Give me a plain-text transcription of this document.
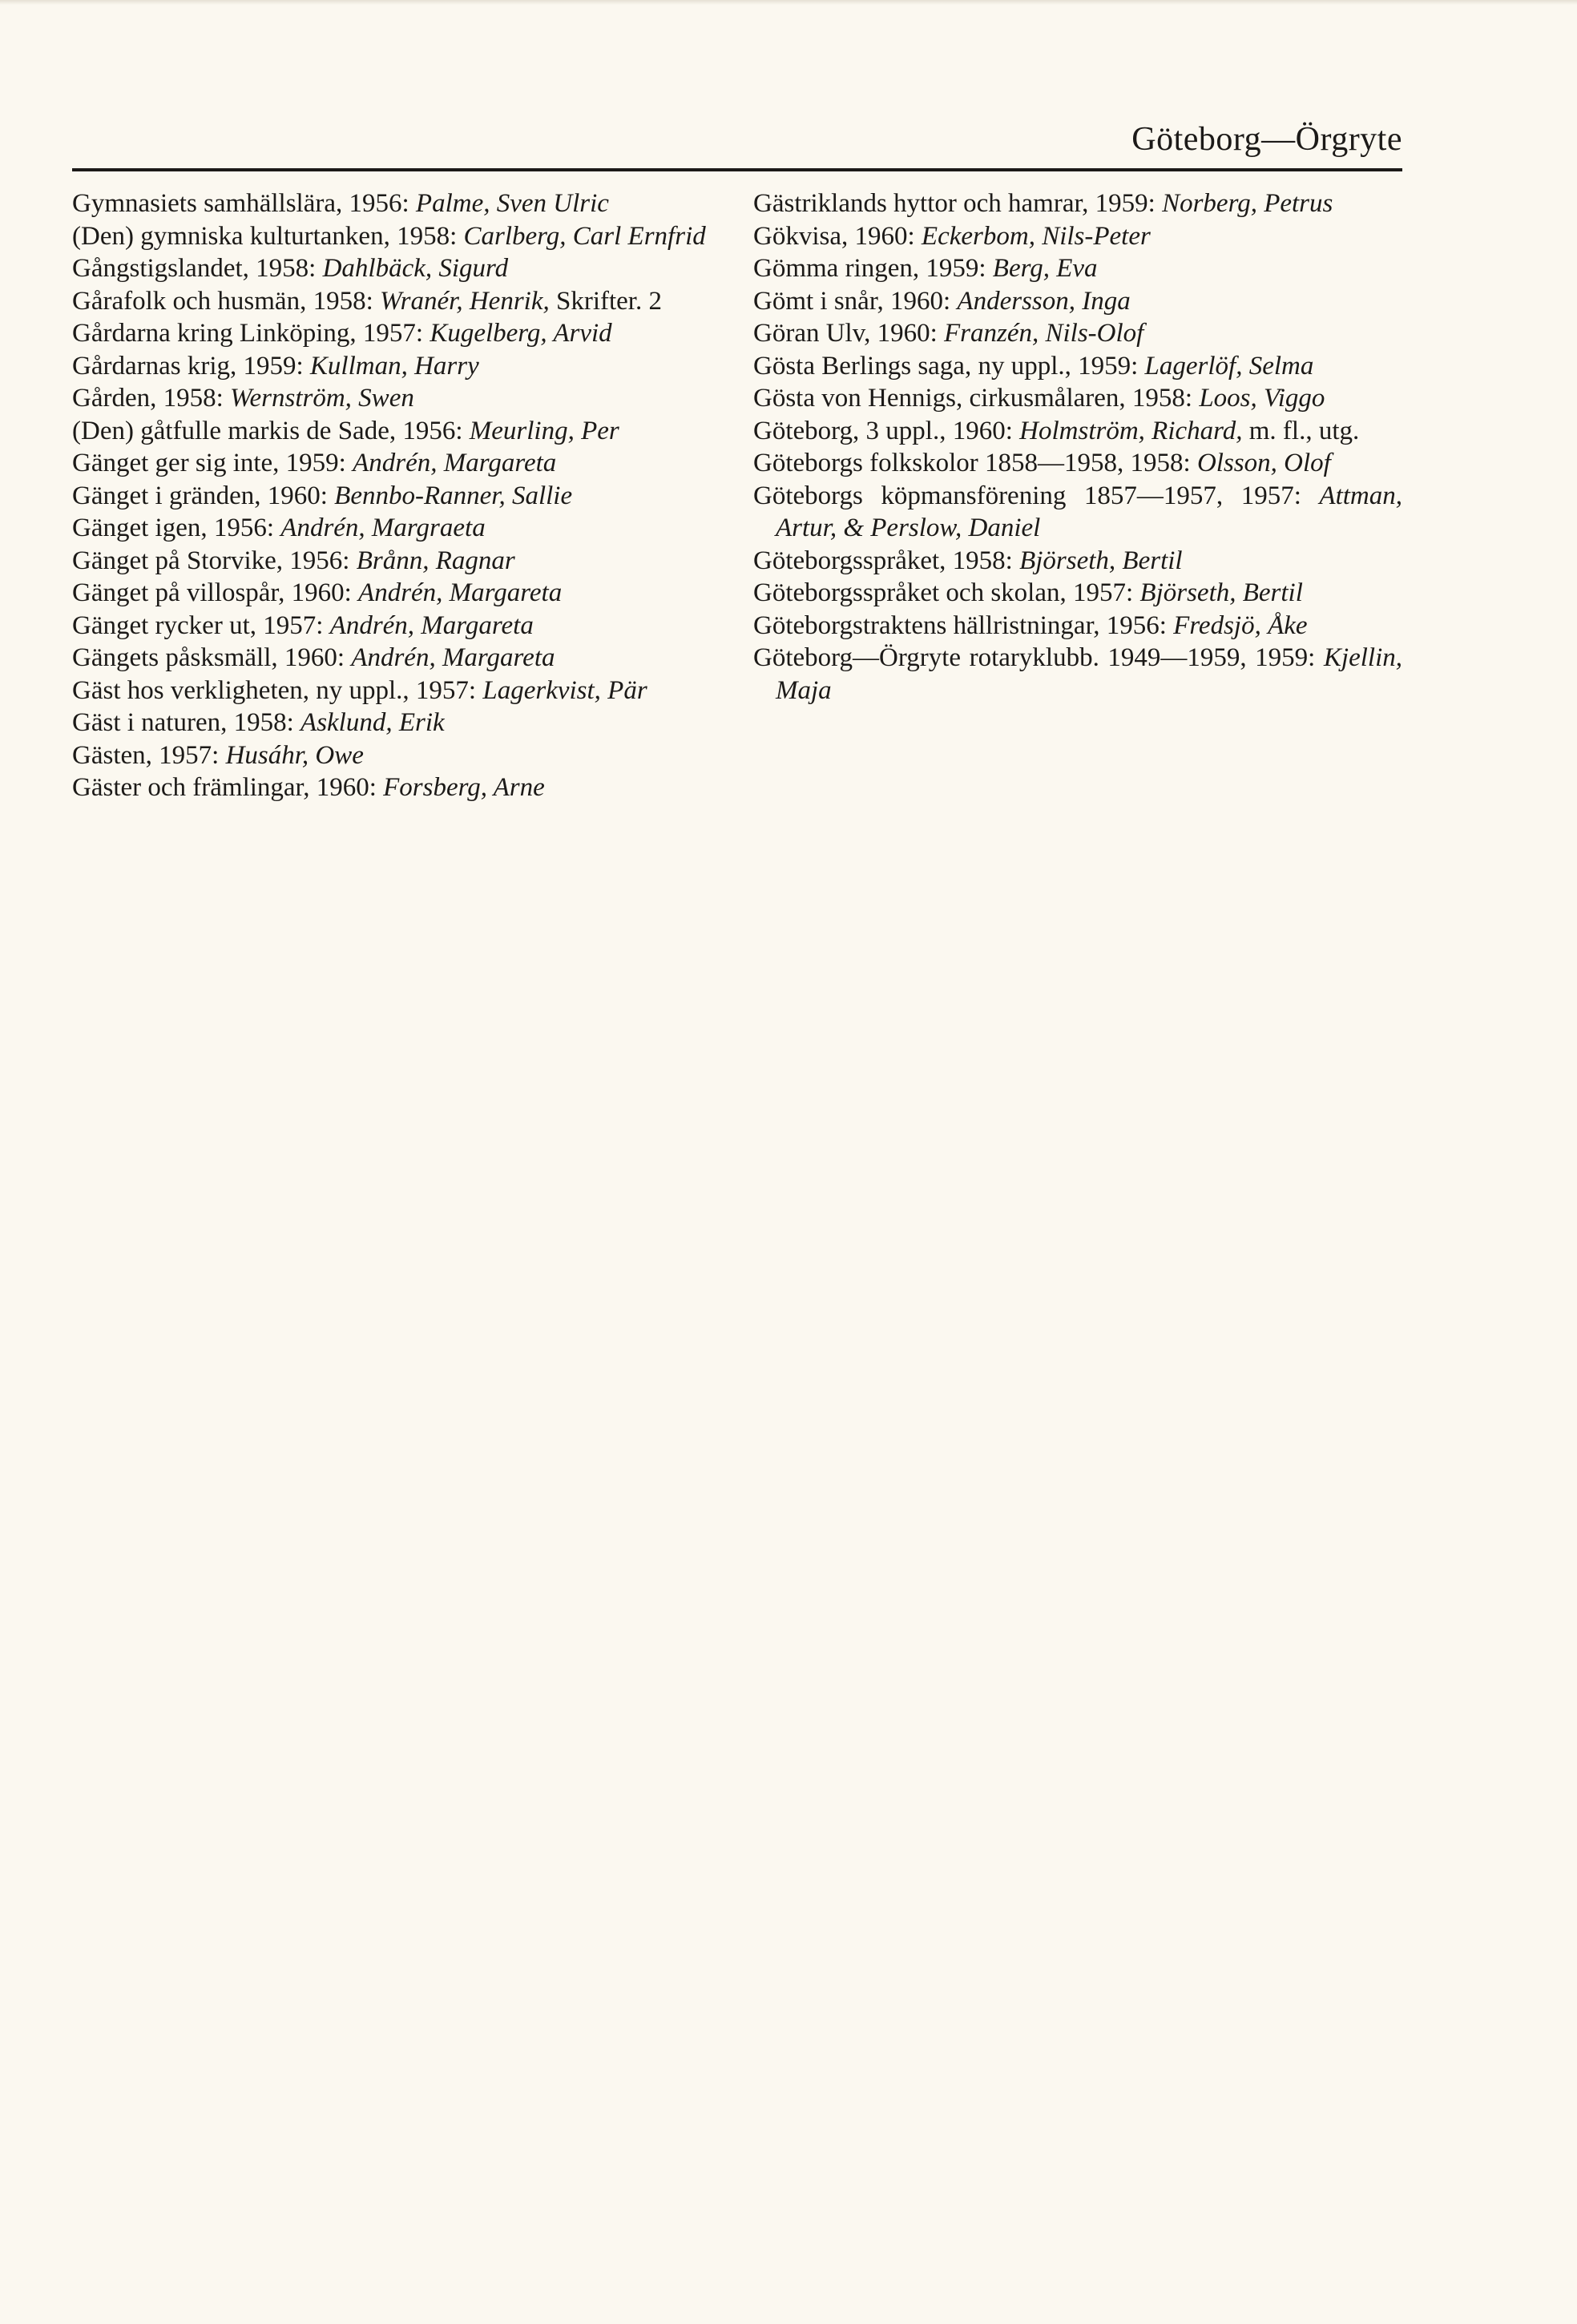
Göteborg—Örgryte
Gymnasiets samhällslära, 1956: Palme, Sven Ulric
(Den) gymniska kulturtanken, 1958: Carlberg, Carl Ernfrid
Gångstigslandet, 1958: Dahlbäck, Sigurd
Gårafolk och husmän, 1958: Wranér, Henrik, Skrifter. 2
Gårdarna kring Linköping, 1957: Kugelberg, Arvid
Gårdarnas krig, 1959: Kullman, Harry
Gården, 1958: Wernström, Swen
(Den) gåtfulle markis de Sade, 1956: Meurling, Per
Gänget ger sig inte, 1959: Andrén, Margareta
Gänget i gränden, 1960: Bennbo-Ranner, Sallie
Gänget igen, 1956: Andrén, Margraeta
Gänget på Storvike, 1956: Brånn, Ragnar
Gänget på villospår, 1960: Andrén, Margareta
Gänget rycker ut, 1957: Andrén, Margareta
Gängets påsksmäll, 1960: Andrén, Margareta
Gäst hos verkligheten, ny uppl., 1957: Lagerkvist, Pär
Gäst i naturen, 1958: Asklund, Erik
Gästen, 1957: Husáhr, Owe
Gäster och främlingar, 1960: Forsberg, Arne
Gästriklands hyttor och hamrar, 1959: Norberg, Petrus
Gökvisa, 1960: Eckerbom, Nils-Peter
Gömma ringen, 1959: Berg, Eva
Gömt i snår, 1960: Andersson, Inga
Göran Ulv, 1960: Franzén, Nils-Olof
Gösta Berlings saga, ny uppl., 1959: Lagerlöf, Selma
Gösta von Hennigs, cirkusmålaren, 1958: Loos, Viggo
Göteborg, 3 uppl., 1960: Holmström, Richard, m. fl., utg.
Göteborgs folkskolor 1858—1958, 1958: Olsson, Olof
Göteborgs köpmansförening 1857—1957, 1957: Attman, Artur, & Perslow, Daniel
Göteborgsspråket, 1958: Björseth, Bertil
Göteborgsspråket och skolan, 1957: Björseth, Bertil
Göteborgstraktens hällristningar, 1956: Fredsjö, Åke
Göteborg—Örgryte rotaryklubb. 1949—1959, 1959: Kjellin, Maja
